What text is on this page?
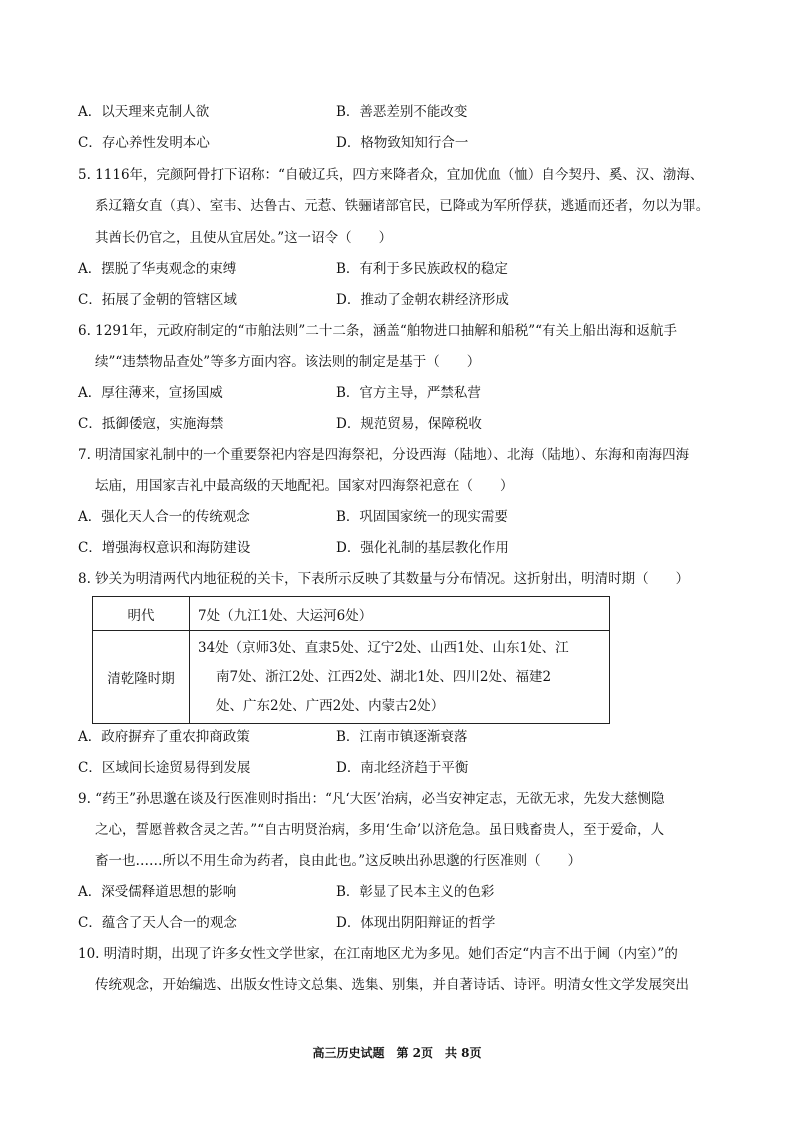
A．以天理来克制人欲	B．善恶差别不能改变
C．存心养性发明本心	D．格物致知知行合一
5. 1116年，完颜阿骨打下诏称：“自破辽兵，四方来降者众，宜加优血（恤）自今契丹、奚、汉、渤海、
系辽籍女直（真）、室韦、达鲁古、元惹、铁骊诸部官民，已降或为军所俘获，逃遁而还者，勿以为罪。
其酋长仍官之，且使从宜居处。”这一诏令（　　）
A．摆脱了华夷观念的束缚	B．有利于多民族政权的稳定
C．拓展了金朝的管辖区域	D．推动了金朝农耕经济形成
6. 1291年，元政府制定的“市舶法则”二十二条，涵盖“舶物进口抽解和船税”“有关上船出海和返航手
续”“违禁物品查处”等多方面内容。该法则的制定是基于（　　）
A．厚往薄来，宣扬国威	B．官方主导，严禁私营
C．抵御倭寇，实施海禁	D．规范贸易，保障税收
7. 明清国家礼制中的一个重要祭祀内容是四海祭祀，分设西海（陆地）、北海（陆地）、东海和南海四海
坛庙，用国家吉礼中最高级的天地配祀。国家对四海祭祀意在（　　）
A．强化天人合一的传统观念	B．巩固国家统一的现实需要
C．增强海权意识和海防建设	D．强化礼制的基层教化作用
8. 钞关为明清两代内地征税的关卡，下表所示反映了其数量与分布情况。这折射出，明清时期（　　）
明代	7处（九江1处、大运河6处）
清乾隆时期	34处（京师3处、直隶5处、辽宁2处、山西1处、山东1处、江
南7处、浙江2处、江西2处、湖北1处、四川2处、福建2
处、广东2处、广西2处、内蒙古2处）
A．政府摒弃了重农抑商政策	B．江南市镇逐渐衰落
C．区域间长途贸易得到发展	D．南北经济趋于平衡
9. “药王”孙思邈在谈及行医准则时指出：“凡‘大医’治病，必当安神定志，无欲无求，先发大慈恻隐
之心，誓愿普救含灵之苦。”“自古明贤治病，多用‘生命’以济危急。虽日贱畜贵人，至于爱命，人
畜一也……所以不用生命为药者，良由此也。”这反映出孙思邈的行医准则（　　）
A．深受儒释道思想的影响	B．彰显了民本主义的色彩
C．蕴含了天人合一的观念	D．体现出阴阳辩证的哲学
10. 明清时期，出现了许多女性文学世家，在江南地区尤为多见。她们否定“内言不出于阃（内室）”的
传统观念，开始编选、出版女性诗文总集、选集、别集，并自著诗话、诗评。明清女性文学发展突出
高三历史试题　第 2页　共 8页
